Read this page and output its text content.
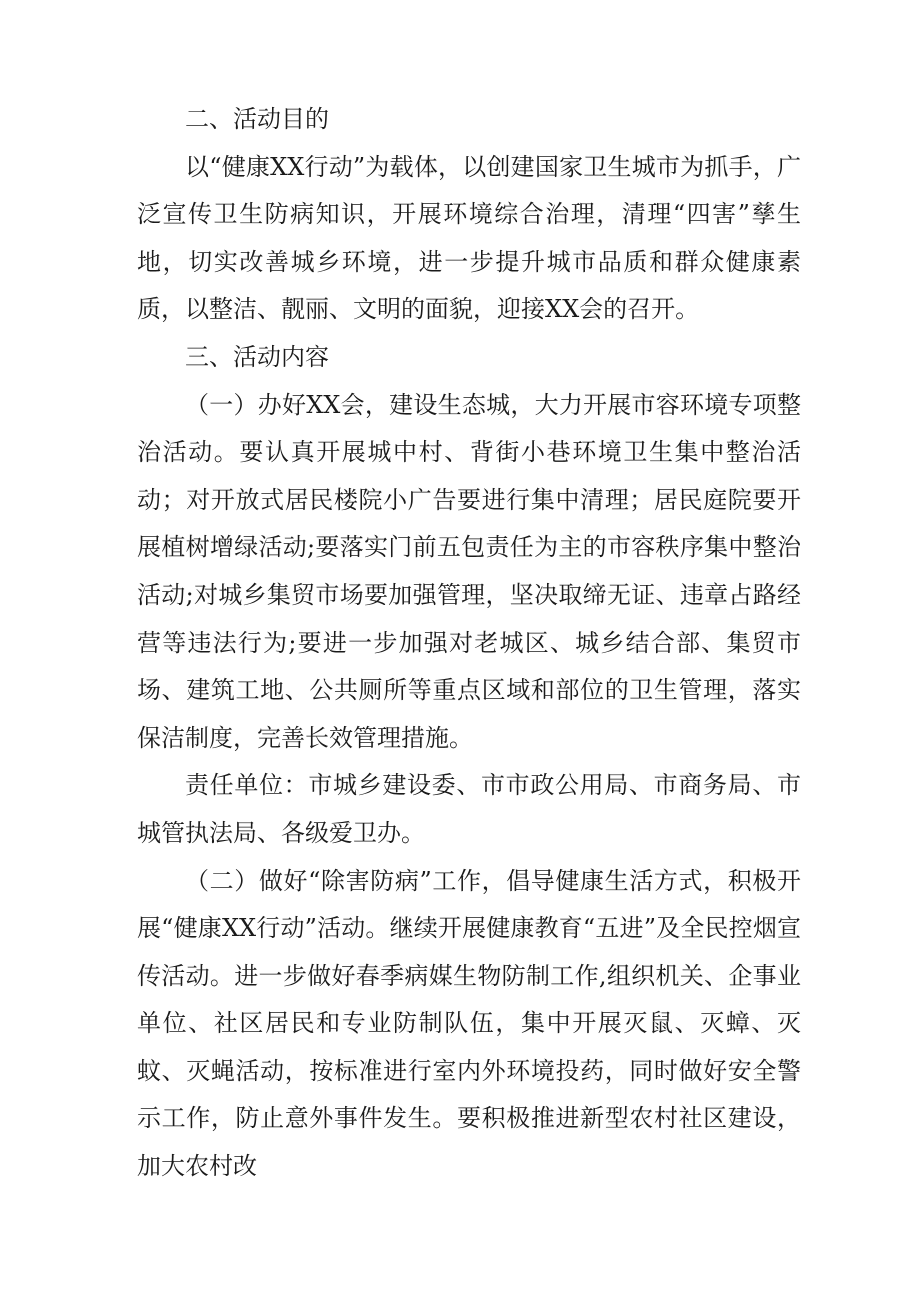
二、活动目的

以“健康XX行动”为载体，以创建国家卫生城市为抓手，广泛宣传卫生防病知识，开展环境综合治理，清理“四害”孳生地，切实改善城乡环境，进一步提升城市品质和群众健康素质，以整洁、靓丽、文明的面貌，迎接XX会的召开。

三、活动内容

（一）办好XX会，建设生态城，大力开展市容环境专项整治活动。要认真开展城中村、背街小巷环境卫生集中整治活动；对开放式居民楼院小广告要进行集中清理；居民庭院要开展植树增绿活动;要落实门前五包责任为主的市容秩序集中整治活动;对城乡集贸市场要加强管理，坚决取缔无证、违章占路经营等违法行为;要进一步加强对老城区、城乡结合部、集贸市场、建筑工地、公共厕所等重点区域和部位的卫生管理，落实保洁制度，完善长效管理措施。

责任单位：市城乡建设委、市市政公用局、市商务局、市城管执法局、各级爱卫办。

（二）做好“除害防病”工作，倡导健康生活方式，积极开展“健康XX行动”活动。继续开展健康教育“五进”及全民控烟宣传活动。进一步做好春季病媒生物防制工作,组织机关、企事业单位、社区居民和专业防制队伍，集中开展灭鼠、灭蟑、灭蚊、灭蝇活动，按标准进行室内外环境投药，同时做好安全警示工作，防止意外事件发生。要积极推进新型农村社区建设，加大农村改
